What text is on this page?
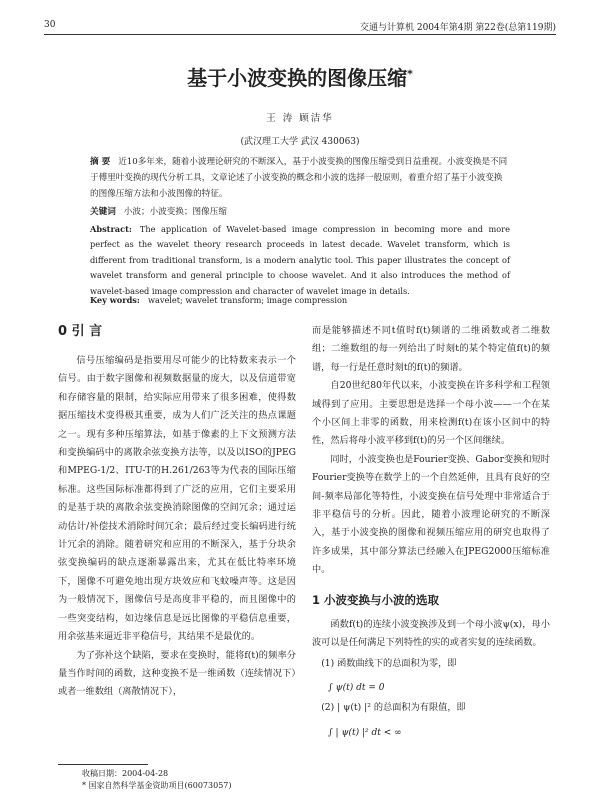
30	交通与计算机 2004年第4期 第22卷(总第119期)
基于小波变换的图像压缩*
王 涛 顾洁华
(武汉理工大学 武汉 430063)
摘 要 近10多年来，随着小波理论研究的不断深入，基于小波变换的图像压缩受到日益重视。小波变换是不同于傅里叶变换的现代分析工具，文章论述了小波变换的概念和小波的选择一般原则，着重介绍了基于小波变换的图像压缩方法和小波图像的特征。
关键词 小波；小波变换；图像压缩
Abstract: The application of Wavelet-based image compression in becoming more and more perfect as the wavelet theory research proceeds in latest decade. Wavelet transform, which is different from traditional transform, is a modern analytic tool. This paper illustrates the concept of wavelet transform and general principle to choose wavelet. And it also introduces the method of wavelet-based image compression and character of wavelet image in details.
Key words: wavelet; wavelet transform; image compression
0 引 言

信号压缩编码是指要用尽可能少的比特数来表示一个信号。由于数字图像和视频数据量的庞大，以及信道带宽和存储容量的限制，给实际应用带来了很多困难，使得数据压缩技术变得极其重要，成为人们广泛关注的热点课题之一。现有多种压缩算法，如基于像素的上下文预测方法和变换编码中的离散余弦变换方法等，以及以ISO的JPEG和MPEG-1/2、ITU-T的H.261/263等为代表的国际压缩标准。这些国际标准都得到了广泛的应用，它们主要采用的是基于块的离散余弦变换消除图像的空间冗余；通过运动估计/补偿技术消除时间冗余；最后经过变长编码进行统计冗余的消除。随着研究和应用的不断深入，基于分块余弦变换编码的缺点逐渐暴露出来，尤其在低比特率环境下，图像不可避免地出现方块效应和飞蚊噪声等。这是因为一般情况下，图像信号是高度非平稳的，而且图像中的一些突变结构，如边缘信息是远比图像的平稳信息重要，用余弦基来逼近非平稳信号，其结果不是最优的。

为了弥补这个缺陷，要求在变换时，能将f(t)的频率分量当作时间的函数，这种变换不是一维函数（连续情况下）或者一维数组（离散情况下），

而是能够描述不同t值时f(t)频谱的二维函数或者二维数组；二维数组的每一列给出了时刻t的某个特定值f(t)的频谱，每一行是任意时刻t的f(t)的频谱。

自20世纪80年代以来，小波变换在许多科学和工程领域得到了应用。主要思想是选择一个母小波——一个在某个小区间上非零的函数，用来检测f(t)在该小区间中的特性，然后将母小波平移到f(t)的另一个区间继续。

同时，小波变换也是Fourier变换、Gabor变换和短时Fourier变换等在数学上的一个自然延伸，且具有良好的空间-频率局部化等特性，小波变换在信号处理中非常适合于非平稳信号的分析。因此，随着小波理论研究的不断深入，基于小波变换的图像和视频压缩应用的研究也取得了许多成果，其中部分算法已经融入在JPEG2000压缩标准中。

1 小波变换与小波的选取

函数f(t)的连续小波变换涉及到一个母小波ψ(x)，母小波可以是任何满足下列特性的实的或者实复的连续函数。

(1) 函数曲线下的总面积为零，即

∫ ψ(t) dt = 0

(2) | ψ(t) |² 的总面积为有限值，即

∫ | ψ(t) |² dt < ∞
收稿日期：2004-04-28
* 国家自然科学基金资助项目(60073057)
